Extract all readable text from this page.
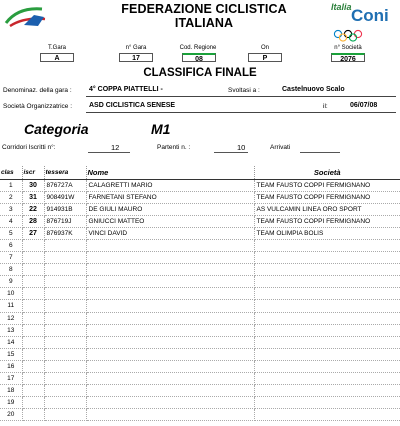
FEDERAZIONE CICLISTICA ITALIANA
Italia Coni
T.Gara
A
n° Gara
17
Cod. Regione
08
On
P
n° Società
2076
CLASSIFICA FINALE
Denominaz. della gara : 4° COPPA PIATTELLI -	Svoltasi a :	Castelnuovo Scalo
Società Organizzatrice : ASD CICLISTICA SENESE	il:	06/07/08
Categoria	M1
Corridori Iscritti n°:	12	Partenti n. :	10	Arrivati
clas	iscr	tessera	Nome	Società
1	30	876727A	CALAGRETTI MARIO	TEAM FAUSTO COPPI FERMIGNANO
2	31	908491W	FARNETANI STEFANO	TEAM FAUSTO COPPI FERMIGNANO
3	22	914931B	DE GIULI MAURO	AS VULCAMIN LINEA ORO SPORT
4	28	876719J	GNIUCCI MATTEO	TEAM FAUSTO COPPI FERMIGNANO
5	27	876937K	VINCI DAVID	TEAM OLIMPIA BOLIS
6				
7				
8				
9				
10				
11				
12				
13				
14				
15				
16				
17				
18				
19				
20				
